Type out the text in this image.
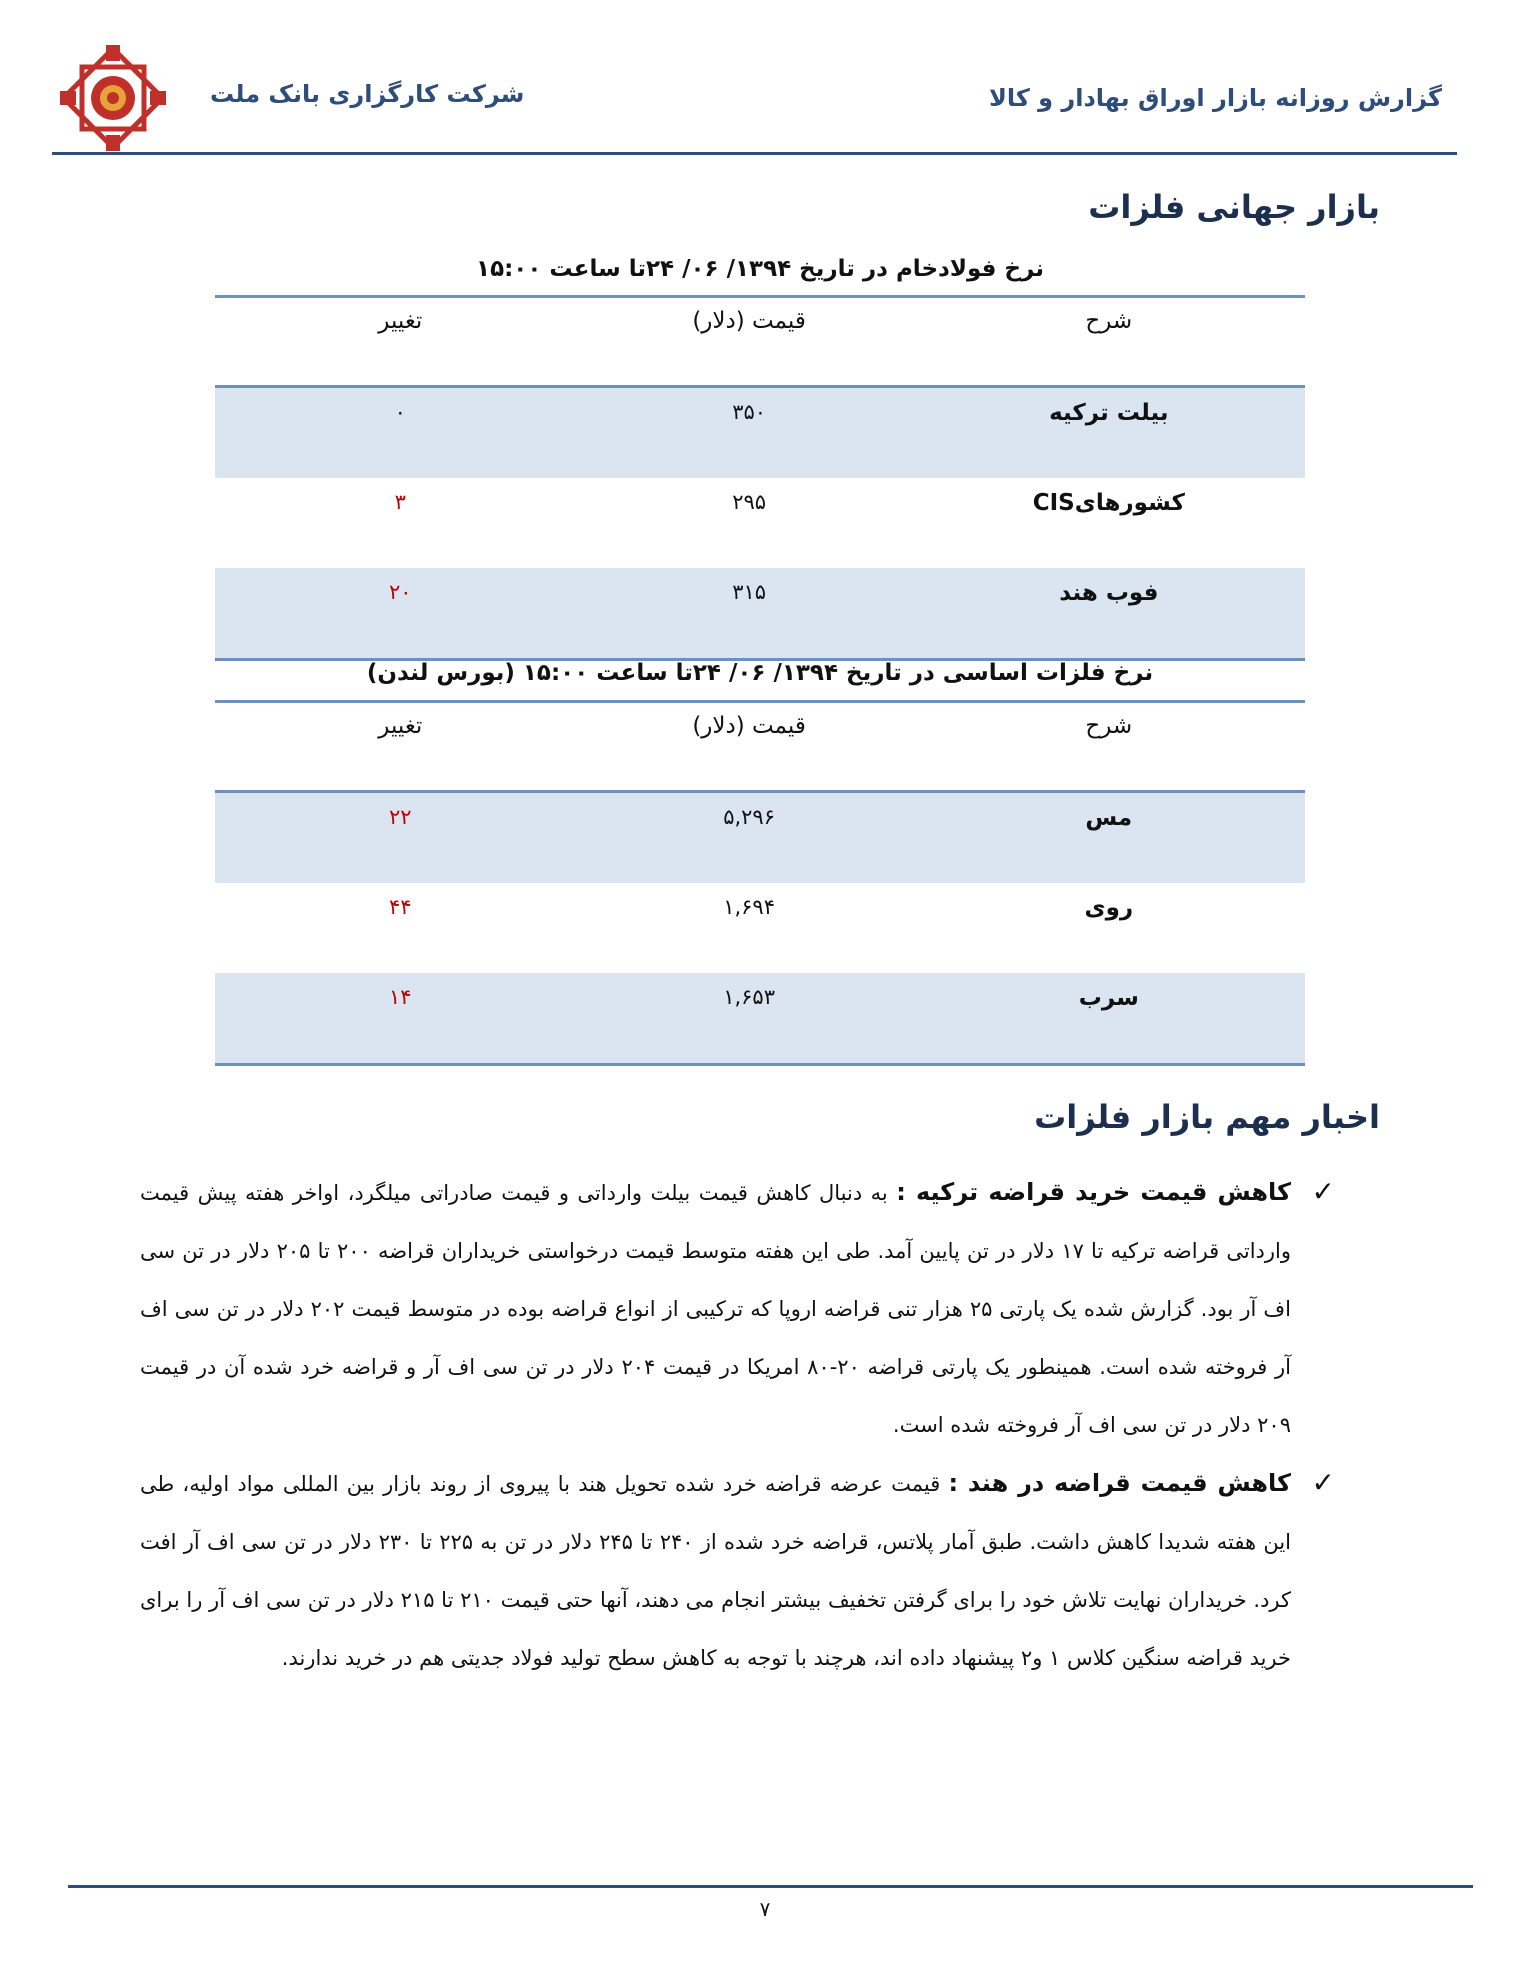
شرکت کارگزاری بانک ملت	گزارش روزانه بازار اوراق بهادار و کالا
بازار جهانی فلزات
نرخ فولادخام در تاریخ ۱۳۹۴/ ۰۶/ ۲۴تا ساعت ۱۵:۰۰
شرح	قیمت (دلار)	تغییر
بیلت ترکیه	۳۵۰	۰
کشورهایCIS	۲۹۵	۳
فوب هند	۳۱۵	۲۰
نرخ فلزات اساسی در تاریخ ۱۳۹۴/ ۰۶/ ۲۴تا ساعت ۱۵:۰۰ (بورس لندن)
شرح	قیمت (دلار)	تغییر
مس	۵,۲۹۶	۲۲
روی	۱,۶۹۴	۴۴
سرب	۱,۶۵۳	۱۴
اخبار مهم بازار فلزات

✓
کاهش قیمت خرید قراضه ترکیه : به دنبال کاهش قیمت بیلت وارداتی و قیمت صادراتی میلگرد، اواخر هفته پیش قیمت وارداتی قراضه ترکیه تا ۱۷ دلار در تن پایین آمد. طی این هفته متوسط قیمت درخواستی خریداران قراضه ۲۰۰ تا ۲۰۵ دلار در تن سی اف آر بود. گزارش شده یک پارتی ۲۵ هزار تنی قراضه اروپا که ترکیبی از انواع قراضه بوده در متوسط قیمت ۲۰۲ دلار در تن سی اف آر فروخته شده است. همینطور یک پارتی قراضه ۲۰-۸۰ امریکا در قیمت ۲۰۴ دلار در تن سی اف آر و قراضه خرد شده آن در قیمت ۲۰۹ دلار در تن سی اف آر فروخته شده است.

✓
کاهش قیمت قراضه در هند : قیمت عرضه قراضه خرد شده تحویل هند با پیروی از روند بازار بین المللی مواد اولیه، طی این هفته شدیدا کاهش داشت. طبق آمار پلاتس، قراضه خرد شده از ۲۴۰ تا ۲۴۵ دلار در تن به ۲۲۵ تا ۲۳۰ دلار در تن سی اف آر افت کرد. خریداران نهایت تلاش خود را برای گرفتن تخفیف بیشتر انجام می دهند، آنها حتی قیمت ۲۱۰ تا ۲۱۵ دلار در تن سی اف آر را برای خرید قراضه سنگین کلاس ۱ و۲ پیشنهاد داده اند، هرچند با توجه به کاهش سطح تولید فولاد جدیتی هم در خرید ندارند.

۷
